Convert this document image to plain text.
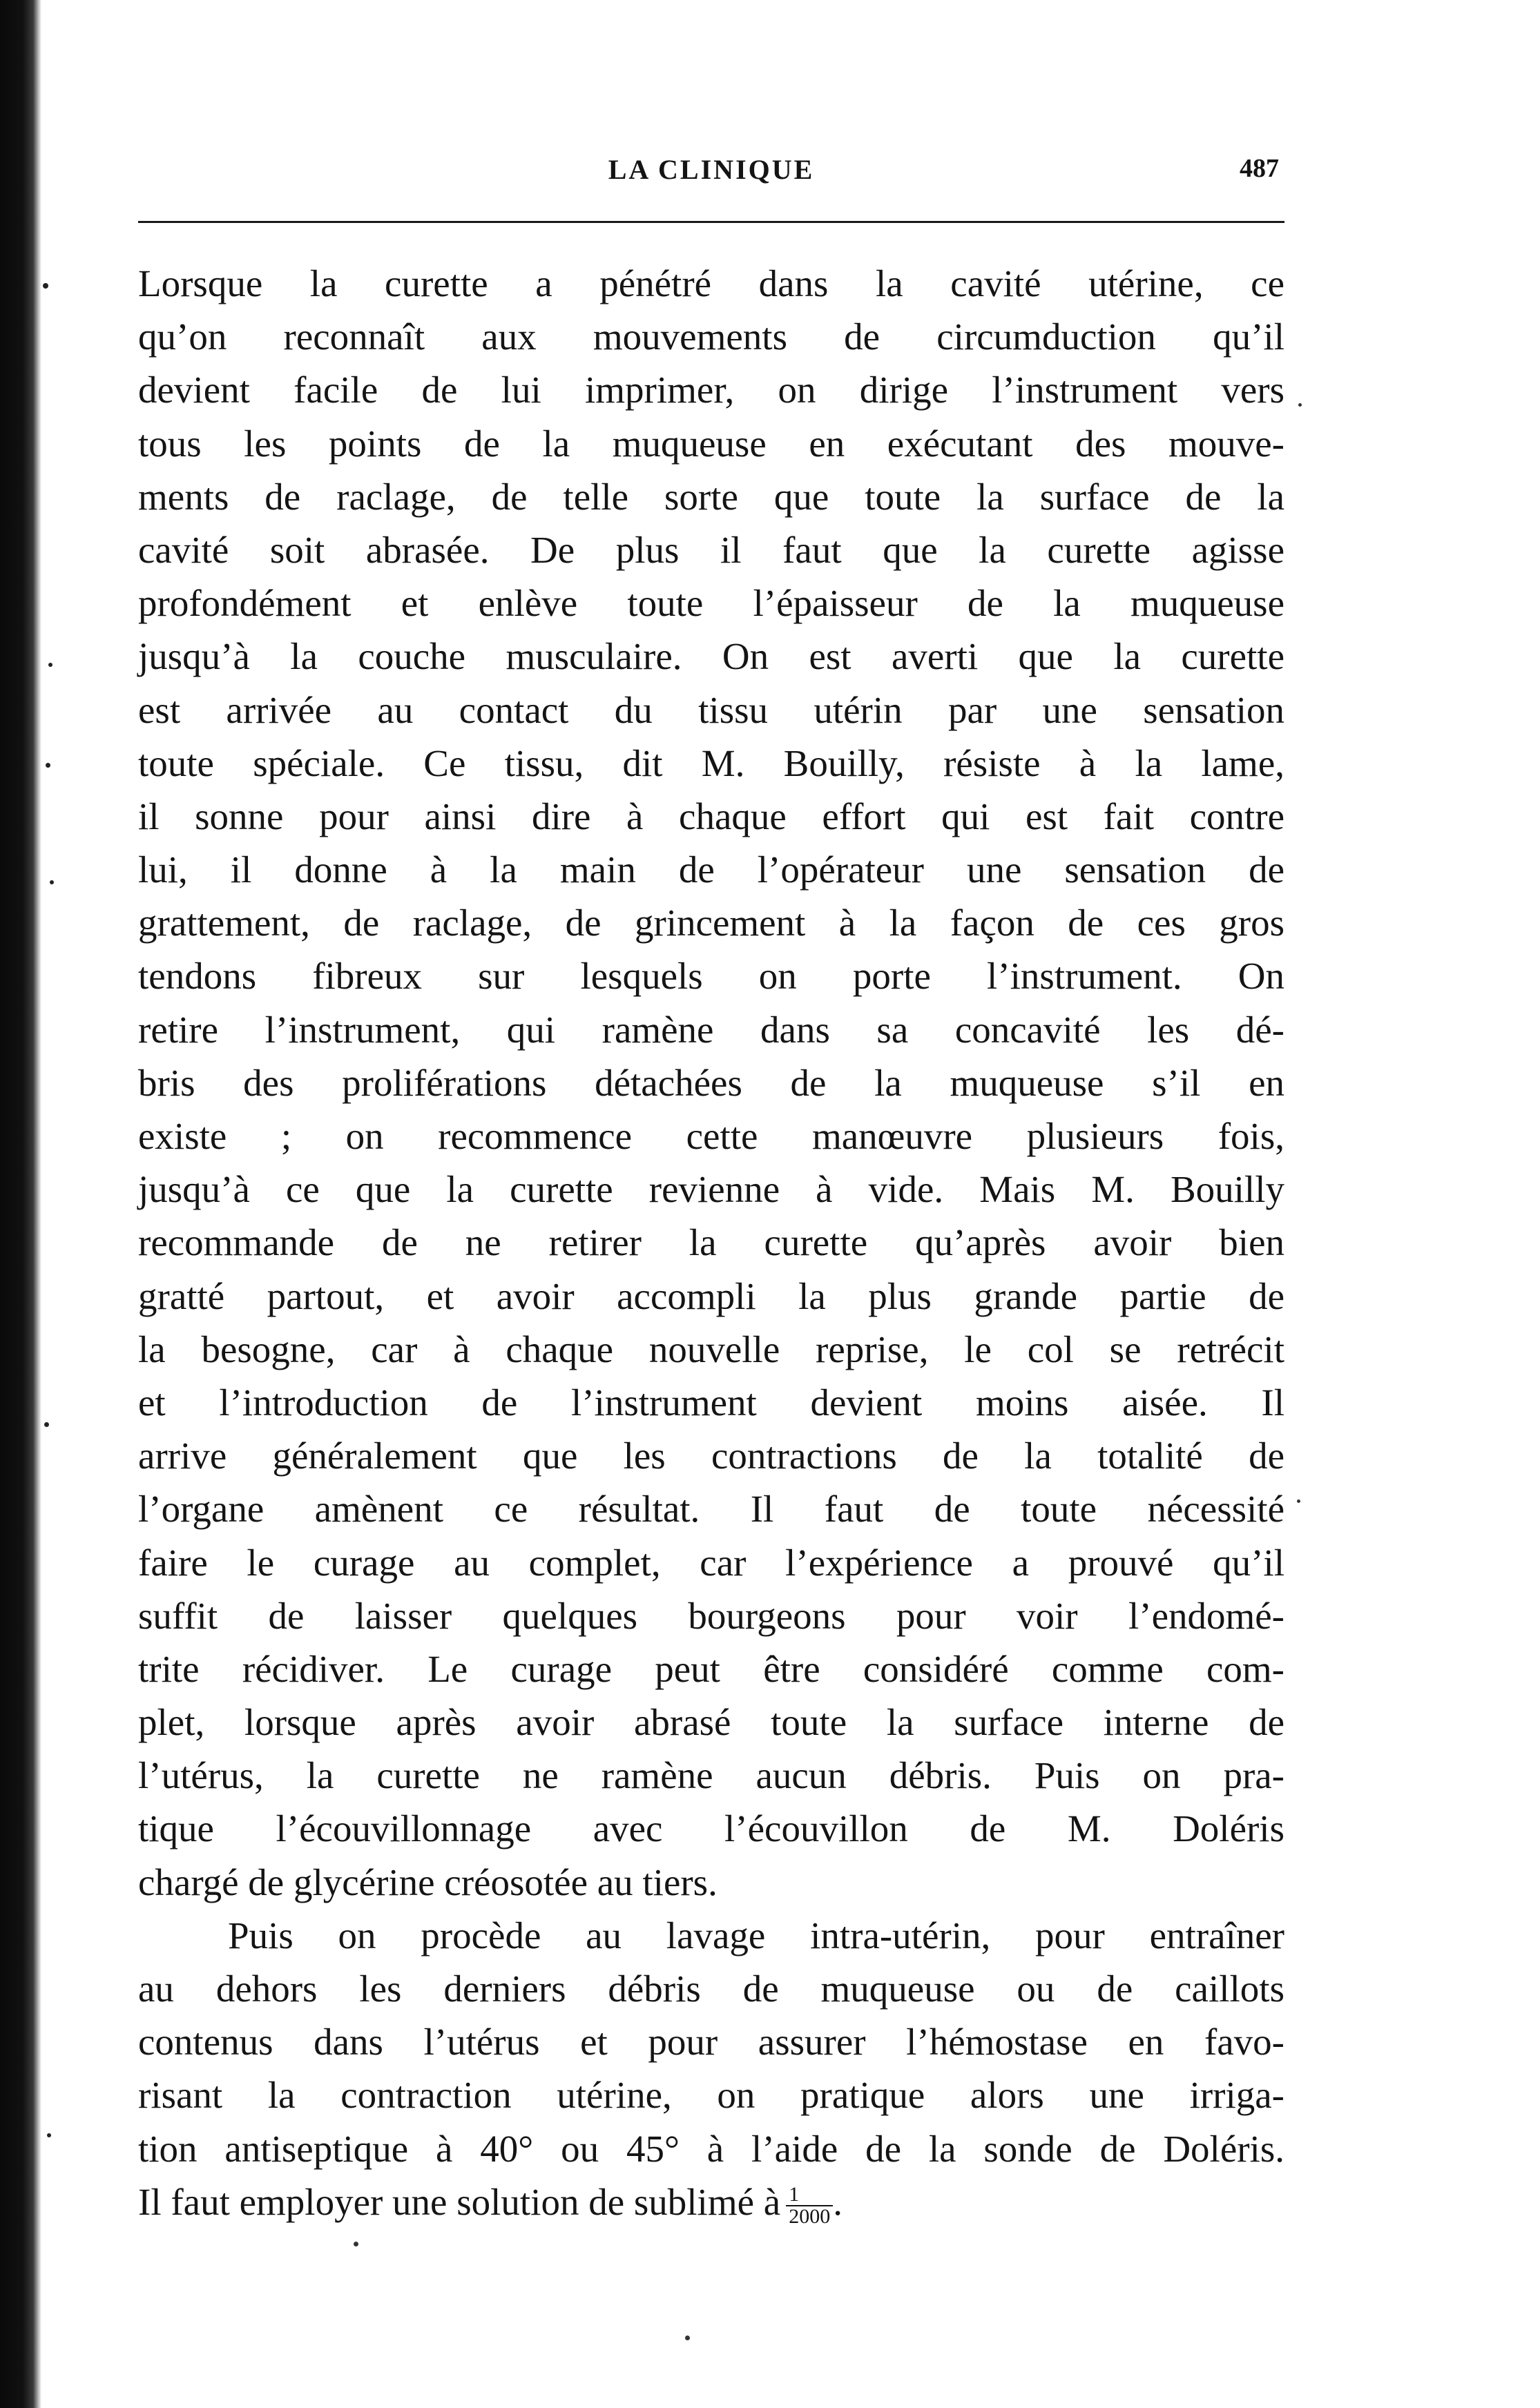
LA CLINIQUE	487
Lorsque la curette a pénétré dans la cavité utérine, ce
qu’on reconnaît aux mouvements de circumduction qu’il
devient facile de lui imprimer, on dirige l’instrument vers
tous les points de la muqueuse en exécutant des mouve-
ments de raclage, de telle sorte que toute la surface de la
cavité soit abrasée. De plus il faut que la curette agisse
profondément et enlève toute l’épaisseur de la muqueuse
jusqu’à la couche musculaire. On est averti que la curette
est arrivée au contact du tissu utérin par une sensation
toute spéciale. Ce tissu, dit M. Bouilly, résiste à la lame,
il sonne pour ainsi dire à chaque effort qui est fait contre
lui, il donne à la main de l’opérateur une sensation de
grattement, de raclage, de grincement à la façon de ces gros
tendons fibreux sur lesquels on porte l’instrument. On
retire l’instrument, qui ramène dans sa concavité les dé-
bris des proliférations détachées de la muqueuse s’il en
existe ; on recommence cette manœuvre plusieurs fois,
jusqu’à ce que la curette revienne à vide. Mais M. Bouilly
recommande de ne retirer la curette qu’après avoir bien
gratté partout, et avoir accompli la plus grande partie de
la besogne, car à chaque nouvelle reprise, le col se retrécit
et l’introduction de l’instrument devient moins aisée. Il
arrive généralement que les contractions de la totalité de
l’organe amènent ce résultat. Il faut de toute nécessité
faire le curage au complet, car l’expérience a prouvé qu’il
suffit de laisser quelques bourgeons pour voir l’endomé-
trite récidiver. Le curage peut être considéré comme com-
plet, lorsque après avoir abrasé toute la surface interne de
l’utérus, la curette ne ramène aucun débris. Puis on pra-
tique l’écouvillonnage avec l’écouvillon de M. Doléris
chargé de glycérine créosotée au tiers.
Puis on procède au lavage intra-utérin, pour entraîner
au dehors les derniers débris de muqueuse ou de caillots
contenus dans l’utérus et pour assurer l’hémostase en favo-
risant la contraction utérine, on pratique alors une irriga-
tion antiseptique à 40° ou 45° à l’aide de la sonde de Doléris.
Il faut employer une solution de sublimé à $\frac{1}{2000}$ .
